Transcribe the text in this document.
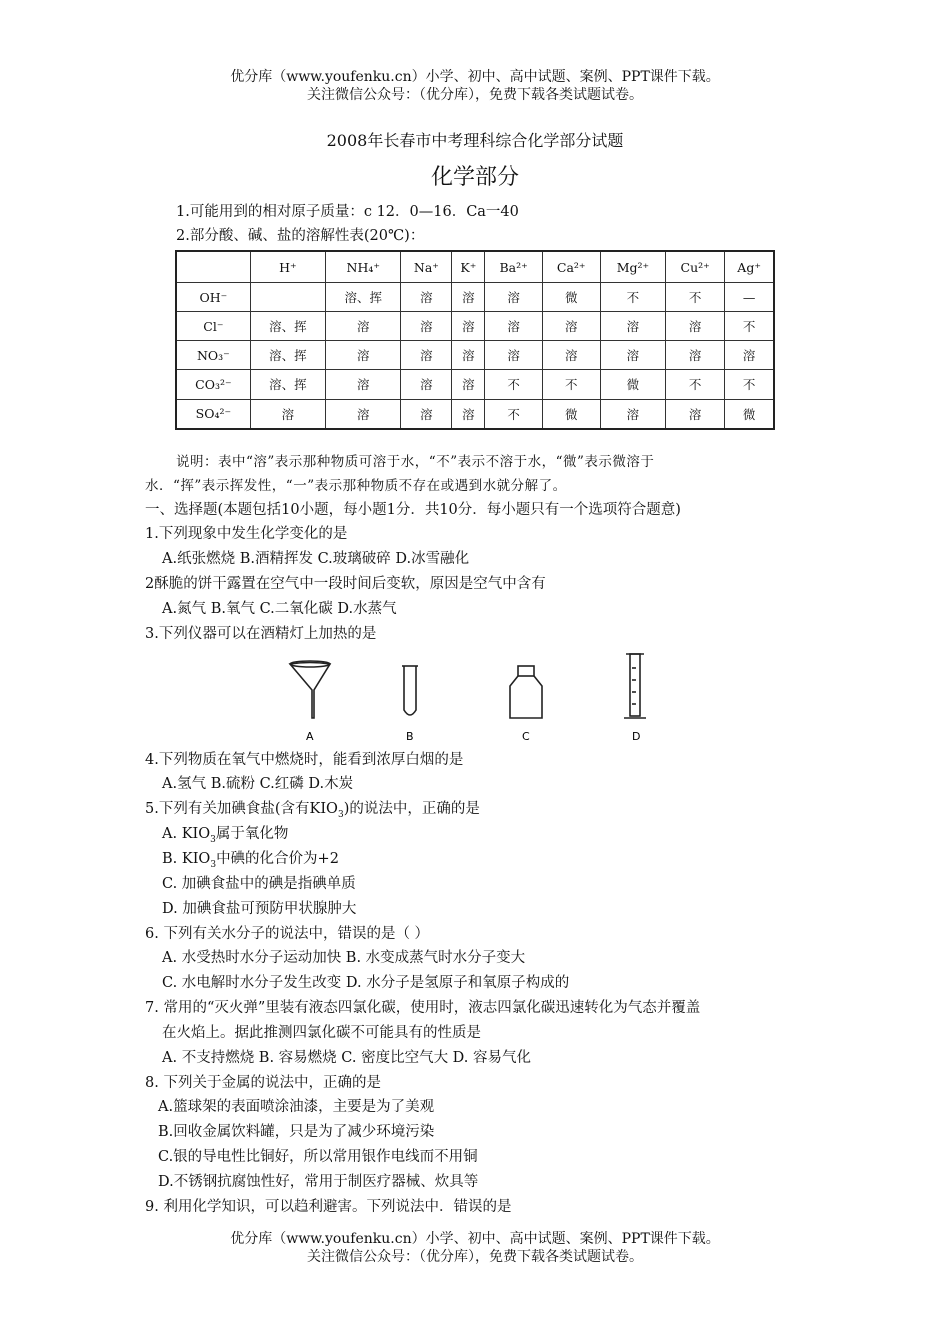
优分库（www.youfenku.cn）小学、初中、高中试题、案例、PPT课件下载。
关注微信公众号：（优分库），免费下载各类试题试卷。
2008年长春市中考理科综合化学部分试题
化学部分
1.可能用到的相对原子质量：c 12．0—16．Ca一40
2.部分酸、碱、盐的溶解性表(20℃)：
	H⁺	NH₄⁺	Na⁺	K⁺	Ba²⁺	Ca²⁺	Mg²⁺	Cu²⁺	Ag⁺
OH⁻		溶、挥	溶	溶	溶	微	不	不	—
Cl⁻	溶、挥	溶	溶	溶	溶	溶	溶	溶	不
NO₃⁻	溶、挥	溶	溶	溶	溶	溶	溶	溶	溶
CO₃²⁻	溶、挥	溶	溶	溶	不	不	微	不	不
SO₄²⁻	溶	溶	溶	溶	不	微	溶	溶	微
说明：表中“溶”表示那种物质可溶于水，“不”表示不溶于水，“微”表示微溶于
水．“挥”表示挥发性，“一”表示那种物质不存在或遇到水就分解了。
一、选择题(本题包括10小题，每小题1分．共10分．每小题只有一个选项符合题意)
1.下列现象中发生化学变化的是
A.纸张燃烧 B.酒精挥发 C.玻璃破碎 D.冰雪融化
2酥脆的饼干露置在空气中一段时间后变软，原因是空气中含有
A.氮气 B.氧气 C.二氧化碳 D.水蒸气
3.下列仪器可以在酒精灯上加热的是
A	B	C	D
4.下列物质在氧气中燃烧时，能看到浓厚白烟的是
A.氢气 B.硫粉 C.红磷 D.木炭
5.下列有关加碘食盐(含有$KIO_3$)的说法中，正确的是
A. $KIO_3$属于氧化物
B. $KIO_3$中碘的化合价为+2
C. 加碘食盐中的碘是指碘单质
D. 加碘食盐可预防甲状腺肿大
6. 下列有关水分子的说法中，错误的是（ ）
A. 水受热时水分子运动加快 B. 水变成蒸气时水分子变大
C. 水电解时水分子发生改变 D. 水分子是氢原子和氧原子构成的
7. 常用的“灭火弹”里装有液态四氯化碳，使用时，液志四氯化碳迅速转化为气态并覆盖
在火焰上。据此推测四氯化碳不可能具有的性质是
A. 不支持燃烧 B. 容易燃烧 C. 密度比空气大 D. 容易气化
8. 下列关于金属的说法中，正确的是
A.篮球架的表面喷涂油漆，主要是为了美观
B.回收金属饮料罐，只是为了减少环境污染
C.银的导电性比铜好，所以常用银作电线而不用铜
D.不锈钢抗腐蚀性好，常用于制医疗器械、炊具等
9. 利用化学知识，可以趋利避害。下列说法中．错误的是
优分库（www.youfenku.cn）小学、初中、高中试题、案例、PPT课件下载。
关注微信公众号：（优分库），免费下载各类试题试卷。
